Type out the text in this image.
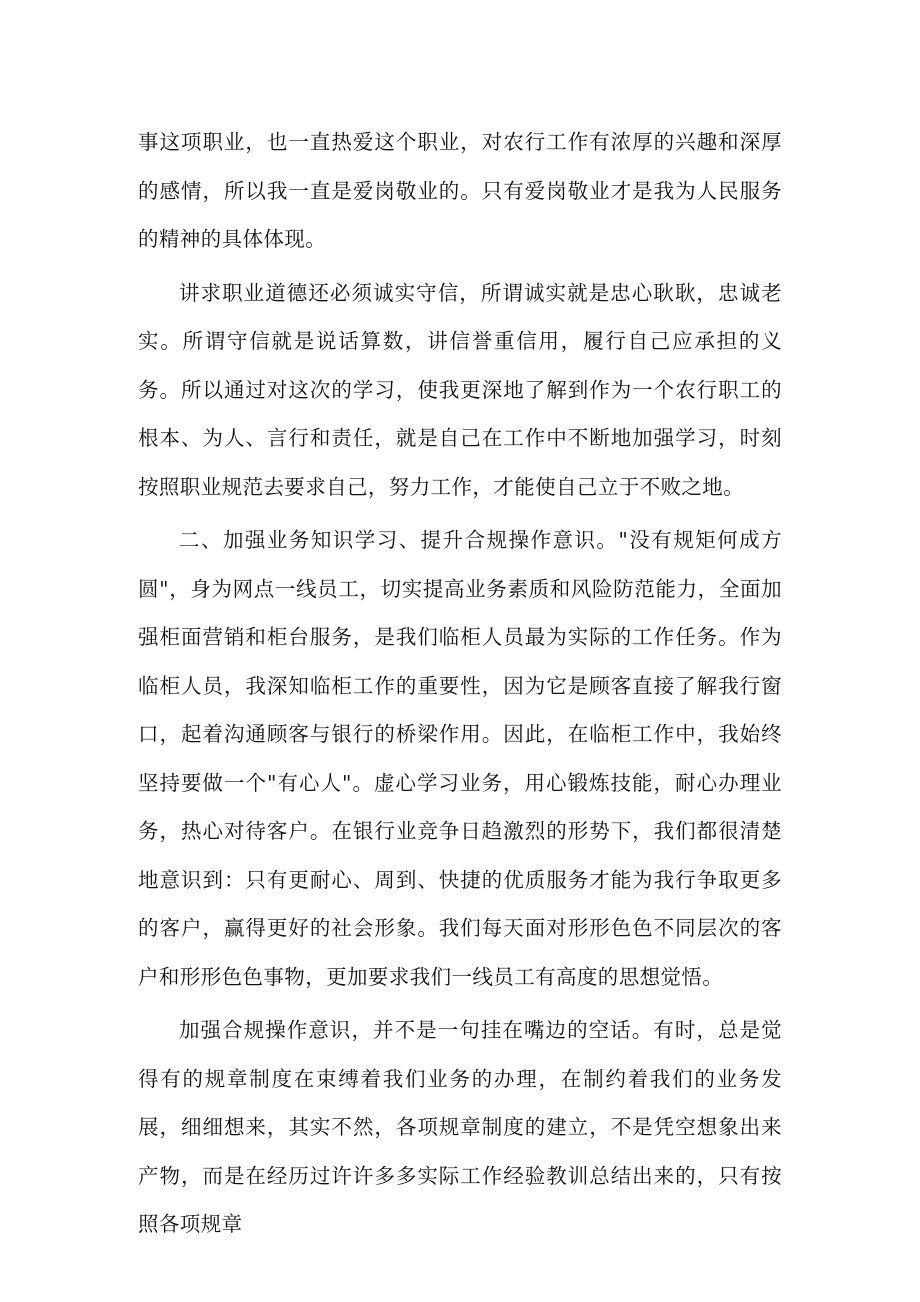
事这项职业，也一直热爱这个职业，对农行工作有浓厚的兴趣和深厚的感情，所以我一直是爱岗敬业的。只有爱岗敬业才是我为人民服务的精神的具体体现。

讲求职业道德还必须诚实守信，所谓诚实就是忠心耿耿，忠诚老实。所谓守信就是说话算数，讲信誉重信用，履行自己应承担的义务。所以通过对这次的学习，使我更深地了解到作为一个农行职工的根本、为人、言行和责任，就是自己在工作中不断地加强学习，时刻按照职业规范去要求自己，努力工作，才能使自己立于不败之地。

二、加强业务知识学习、提升合规操作意识。"没有规矩何成方圆"，身为网点一线员工，切实提高业务素质和风险防范能力，全面加强柜面营销和柜台服务，是我们临柜人员最为实际的工作任务。作为临柜人员，我深知临柜工作的重要性，因为它是顾客直接了解我行窗口，起着沟通顾客与银行的桥梁作用。因此，在临柜工作中，我始终坚持要做一个"有心人"。虚心学习业务，用心锻炼技能，耐心办理业务，热心对待客户。在银行业竞争日趋激烈的形势下，我们都很清楚地意识到：只有更耐心、周到、快捷的优质服务才能为我行争取更多的客户，赢得更好的社会形象。我们每天面对形形色色不同层次的客户和形形色色事物，更加要求我们一线员工有高度的思想觉悟。

加强合规操作意识，并不是一句挂在嘴边的空话。有时，总是觉得有的规章制度在束缚着我们业务的办理，在制约着我们的业务发展，细细想来，其实不然，各项规章制度的建立，不是凭空想象出来产物，而是在经历过许许多多实际工作经验教训总结出来的，只有按照各项规章
